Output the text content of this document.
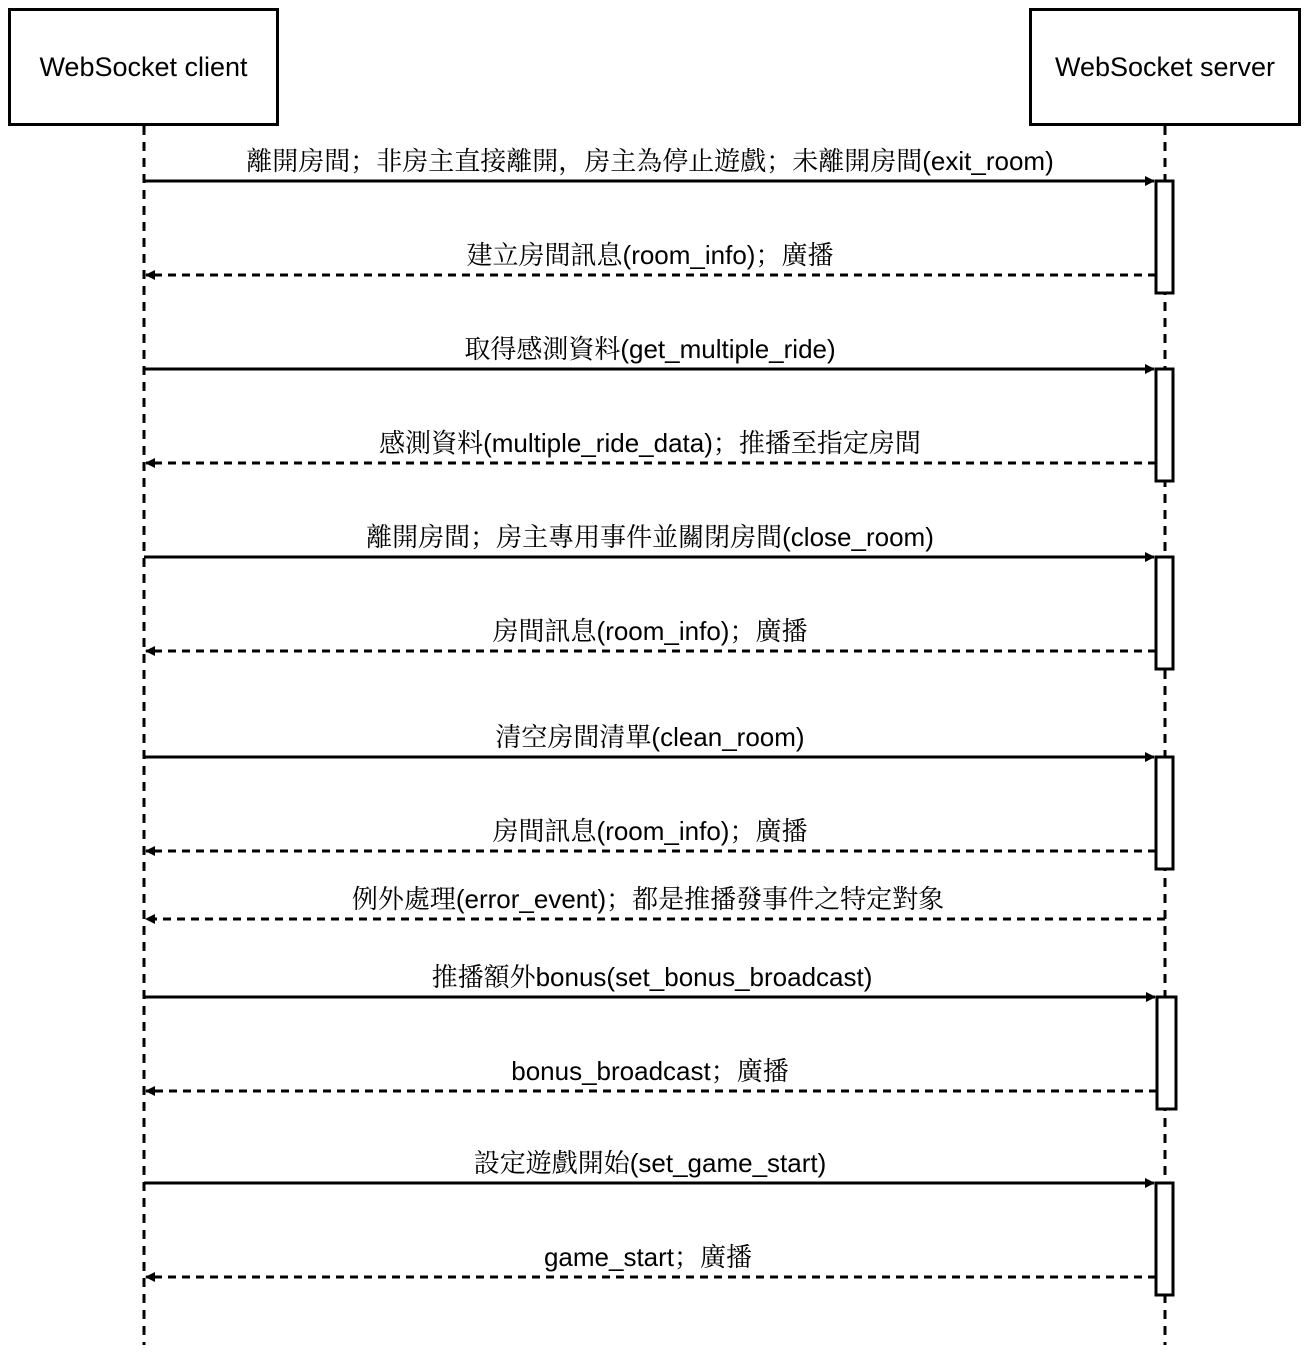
離開房間；非房主直接離開，房主為停止遊戲；未離開房間(exit_room)
建立房間訊息(room_info)；廣播
取得感測資料(get_multiple_ride)
感測資料(multiple_ride_data)；推播至指定房間
離開房間；房主專用事件並關閉房間(close_room)
房間訊息(room_info)；廣播
清空房間清單(clean_room)
房間訊息(room_info)；廣播
例外處理(error_event)；都是推播發事件之特定對象
推播額外bonus(set_bonus_broadcast)
bonus_broadcast；廣播
設定遊戲開始(set_game_start)
game_start；廣播
WebSocket client	WebSocket server
